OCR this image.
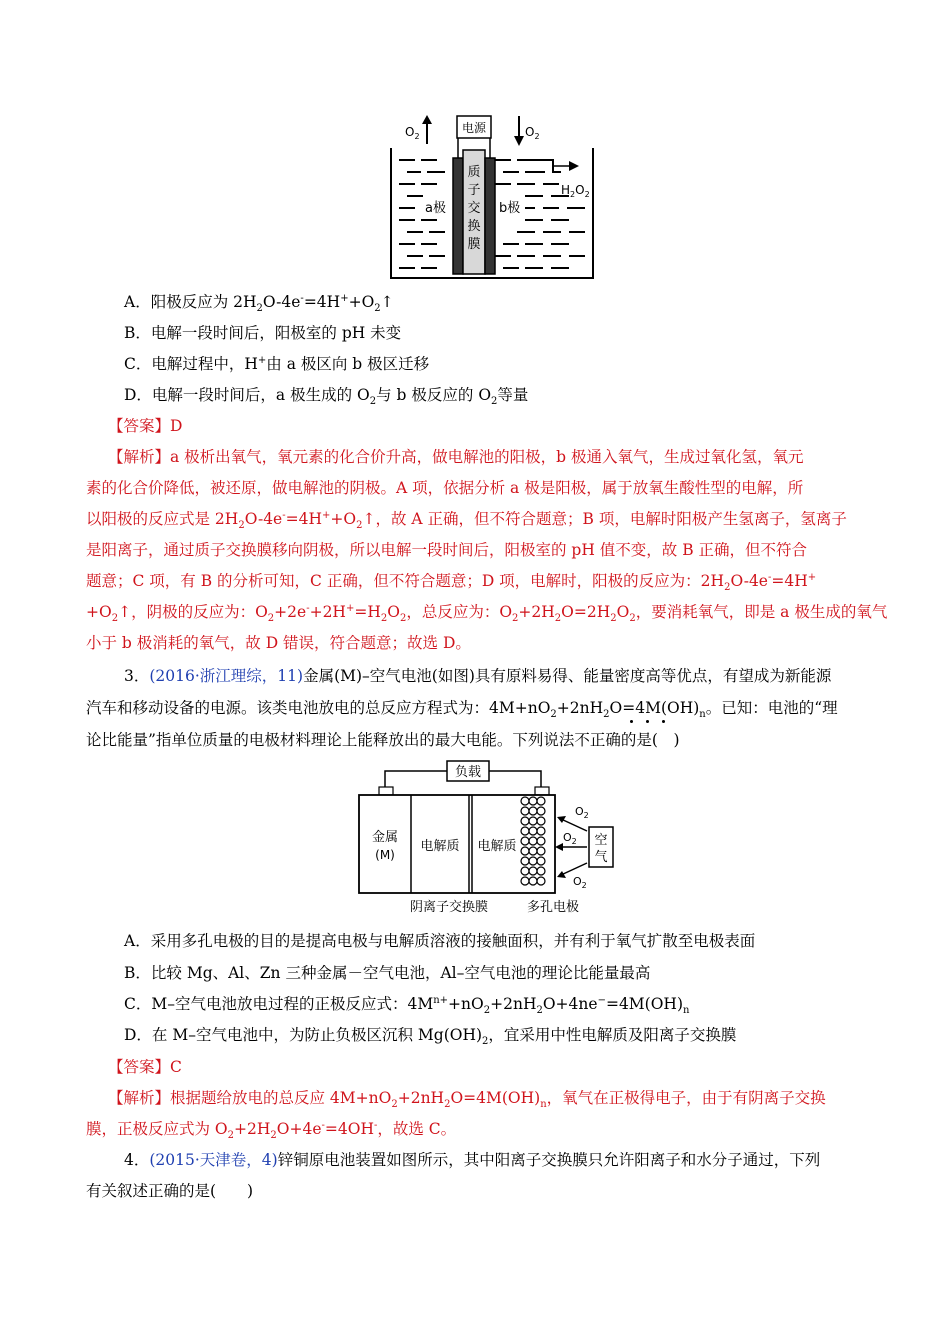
电源
$O_2$	$O_2$
$H_2O_2$
质
子
交
换
膜
a极	b极
A．阳极反应为 $2H_2O-4e^-=4H^++O_2↑$
B．电解一段时间后，阳极室的 pH 未变
C．电解过程中，H+由 a 极区向 b 极区迁移
D．电解一段时间后，a 极生成的 $O_2$与 b 极反应的 $O_2$等量
【答案】D
【解析】a 极析出氧气，氧元素的化合价升高，做电解池的阳极，b 极通入氧气，生成过氧化氢，氧元
素的化合价降低，被还原，做电解池的阴极。A 项，依据分析 a 极是阳极，属于放氧生酸性型的电解，所
以阳极的反应式是 $2H_2O-4e^-=4H^++O_2↑$，故 A 正确，但不符合题意；B 项，电解时阳极产生氢离子，氢离子
是阳离子，通过质子交换膜移向阴极，所以电解一段时间后，阳极室的 pH 值不变，故 B 正确，但不符合
题意；C 项，有 B 的分析可知，C 正确，但不符合题意；D 项，电解时，阳极的反应为：$2H_2O-4e^-=4H^+$
$+O_2↑$，阴极的反应为：$O_2+2e^-+2H^+=H_2O_2$，总反应为：$O_2+2H_2O=2H_2O_2$，要消耗氧气，即是 a 极生成的氧气
小于 b 极消耗的氧气，故 D 错误，符合题意；故选 D。
3．(2016·浙江理综，11)金属(M)–空气电池(如图)具有原料易得、能量密度高等优点，有望成为新能源
汽车和移动设备的电源。该类电池放电的总反应方程式为：$4M+nO_2+2nH_2O=4M(OH)_n$。已知：电池的“理
论比能量”指单位质量的电极材料理论上能释放出的最大电能。下列说法不正确的是(　)
负载
金属
(M)
电解质 电解质	空
气
$O_2$
$O_2$
$O_2$
阴离子交换膜	多孔电极
A．采用多孔电极的目的是提高电极与电解质溶液的接触面积，并有利于氧气扩散至电极表面
B．比较 Mg、Al、Zn 三种金属－空气电池，Al–空气电池的理论比能量最高
C．M–空气电池放电过程的正极反应式：$4M^{n+}+nO_2+2nH_2O+4ne^-=4M(OH)_n$
D．在 M–空气电池中，为防止负极区沉积 $Mg(OH)_2$，宜采用中性电解质及阳离子交换膜
【答案】C
【解析】根据题给放电的总反应 $4M+nO_2+2nH_2O=4M(OH)_n$，氧气在正极得电子，由于有阴离子交换
膜，正极反应式为 $O_2+2H_2O+4e^-=4OH^-$，故选 C。
4．(2015·天津卷，4)锌铜原电池装置如图所示，其中阳离子交换膜只允许阳离子和水分子通过，下列
有关叙述正确的是(　　)
